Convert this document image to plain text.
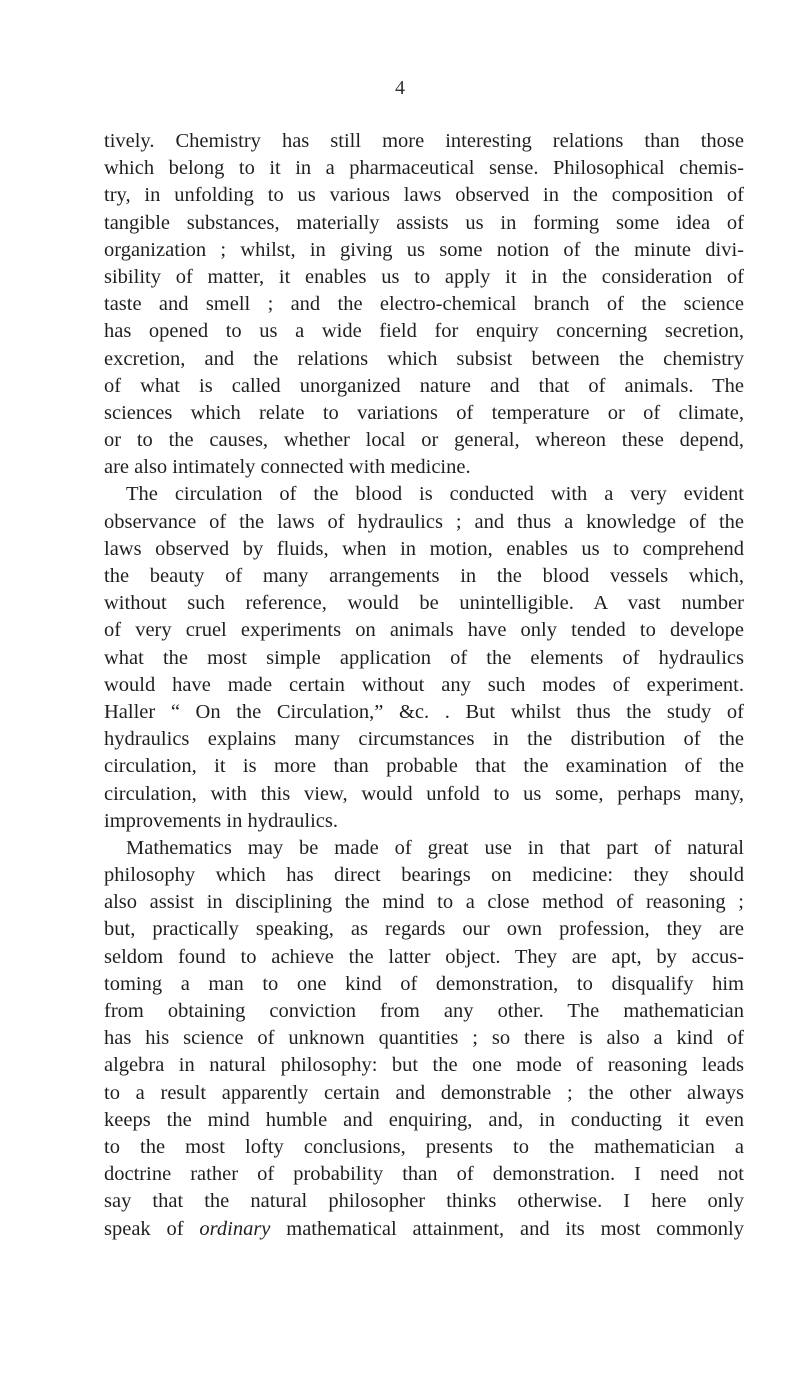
4
tively. Chemistry has still more interesting relations than those
which belong to it in a pharmaceutical sense. Philosophical chemis-
try, in unfolding to us various laws observed in the composition of
tangible substances, materially assists us in forming some idea of
organization ; whilst, in giving us some notion of the minute divi-
sibility of matter, it enables us to apply it in the consideration of
taste and smell ; and the electro-chemical branch of the science
has opened to us a wide field for enquiry concerning secretion,
excretion, and the relations which subsist between the chemistry
of what is called unorganized nature and that of animals. The
sciences which relate to variations of temperature or of climate,
or to the causes, whether local or general, whereon these depend,
are also intimately connected with medicine.
The circulation of the blood is conducted with a very evident
observance of the laws of hydraulics ; and thus a knowledge of the
laws observed by fluids, when in motion, enables us to comprehend
the beauty of many arrangements in the blood vessels which,
without such reference, would be unintelligible. A vast number
of very cruel experiments on animals have only tended to develope
what the most simple application of the elements of hydraulics
would have made certain without any such modes of experiment.
Haller “ On the Circulation,” &c. . But whilst thus the study of
hydraulics explains many circumstances in the distribution of the
circulation, it is more than probable that the examination of the
circulation, with this view, would unfold to us some, perhaps many,
improvements in hydraulics.
Mathematics may be made of great use in that part of natural
philosophy which has direct bearings on medicine: they should
also assist in disciplining the mind to a close method of reasoning ;
but, practically speaking, as regards our own profession, they are
seldom found to achieve the latter object. They are apt, by accus-
toming a man to one kind of demonstration, to disqualify him
from obtaining conviction from any other. The mathematician
has his science of unknown quantities ; so there is also a kind of
algebra in natural philosophy: but the one mode of reasoning leads
to a result apparently certain and demonstrable ; the other always
keeps the mind humble and enquiring, and, in conducting it even
to the most lofty conclusions, presents to the mathematician a
doctrine rather of probability than of demonstration. I need not
say that the natural philosopher thinks otherwise. I here only
speak of ordinary mathematical attainment, and its most commonly
